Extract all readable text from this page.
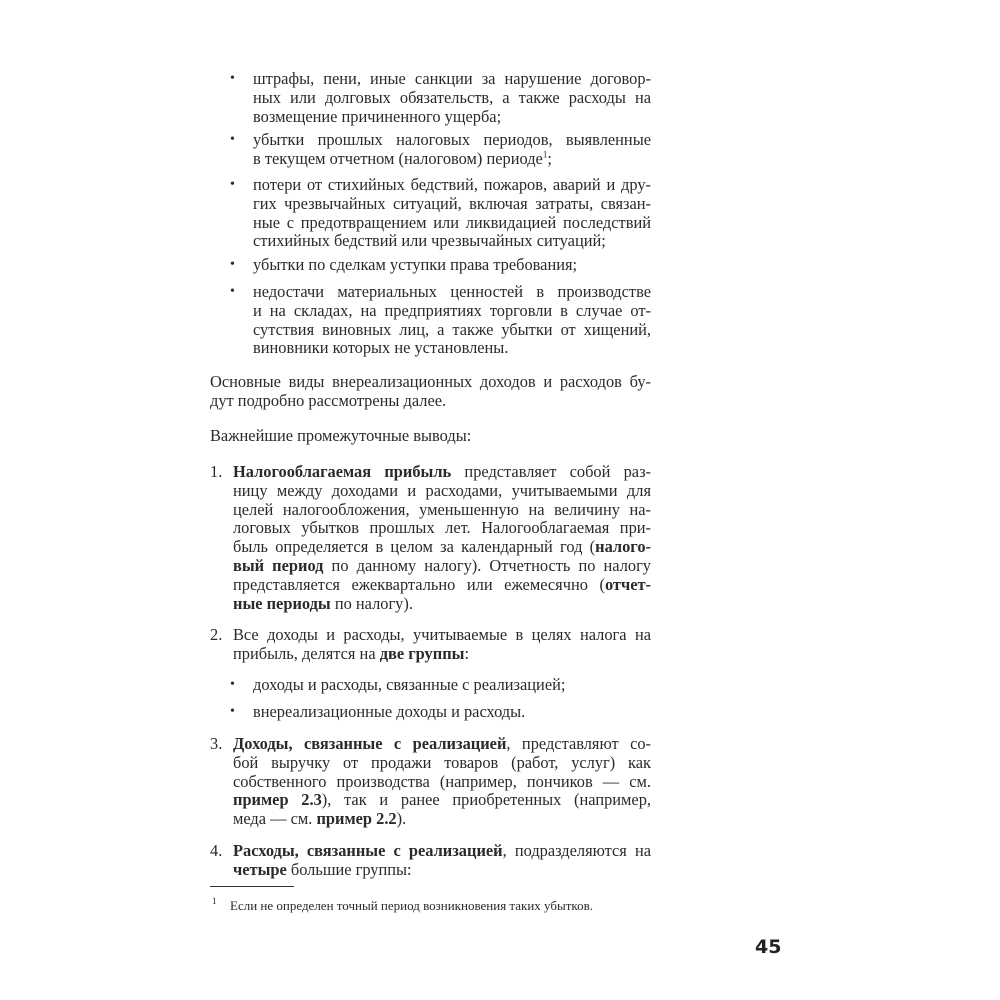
• штрафы, пени, иные санкции за нарушение договор-
ных или долговых обязательств, а также расходы на
возмещение причиненного ущерба;
• убытки прошлых налоговых периодов, выявленные
в текущем отчетном (налоговом) периоде$^1$;
• потери от стихийных бедствий, пожаров, аварий и дру-
гих чрезвычайных ситуаций, включая затраты, связан-
ные с предотвращением или ликвидацией последствий
стихийных бедствий или чрезвычайных ситуаций;
• убытки по сделкам уступки права требования;
• недостачи материальных ценностей в производстве
и на складах, на предприятиях торговли в случае от-
сутствия виновных лиц, а также убытки от хищений,
виновники которых не установлены.
Основные виды внереализационных доходов и расходов бу-
дут подробно рассмотрены далее.
Важнейшие промежуточные выводы:
1. Налогооблагаемая прибыль представляет собой раз-
ницу между доходами и расходами, учитываемыми для
целей налогообложения, уменьшенную на величину на-
логовых убытков прошлых лет. Налогооблагаемая при-
быль определяется в целом за календарный год (налого-
вый период по данному налогу). Отчетность по налогу
представляется ежеквартально или ежемесячно (отчет-
ные периоды по налогу).
2. Все доходы и расходы, учитываемые в целях налога на
прибыль, делятся на две группы:
• доходы и расходы, связанные с реализацией;
• внереализационные доходы и расходы.
3. Доходы, связанные с реализацией, представляют со-
бой выручку от продажи товаров (работ, услуг) как
собственного производства (например, пончиков — см.
пример 2.3), так и ранее приобретенных (например,
меда — см. пример 2.2).
4. Расходы, связанные с реализацией, подразделяются на
четыре большие группы:
1 Если не определен точный период возникновения таких убытков.
45
